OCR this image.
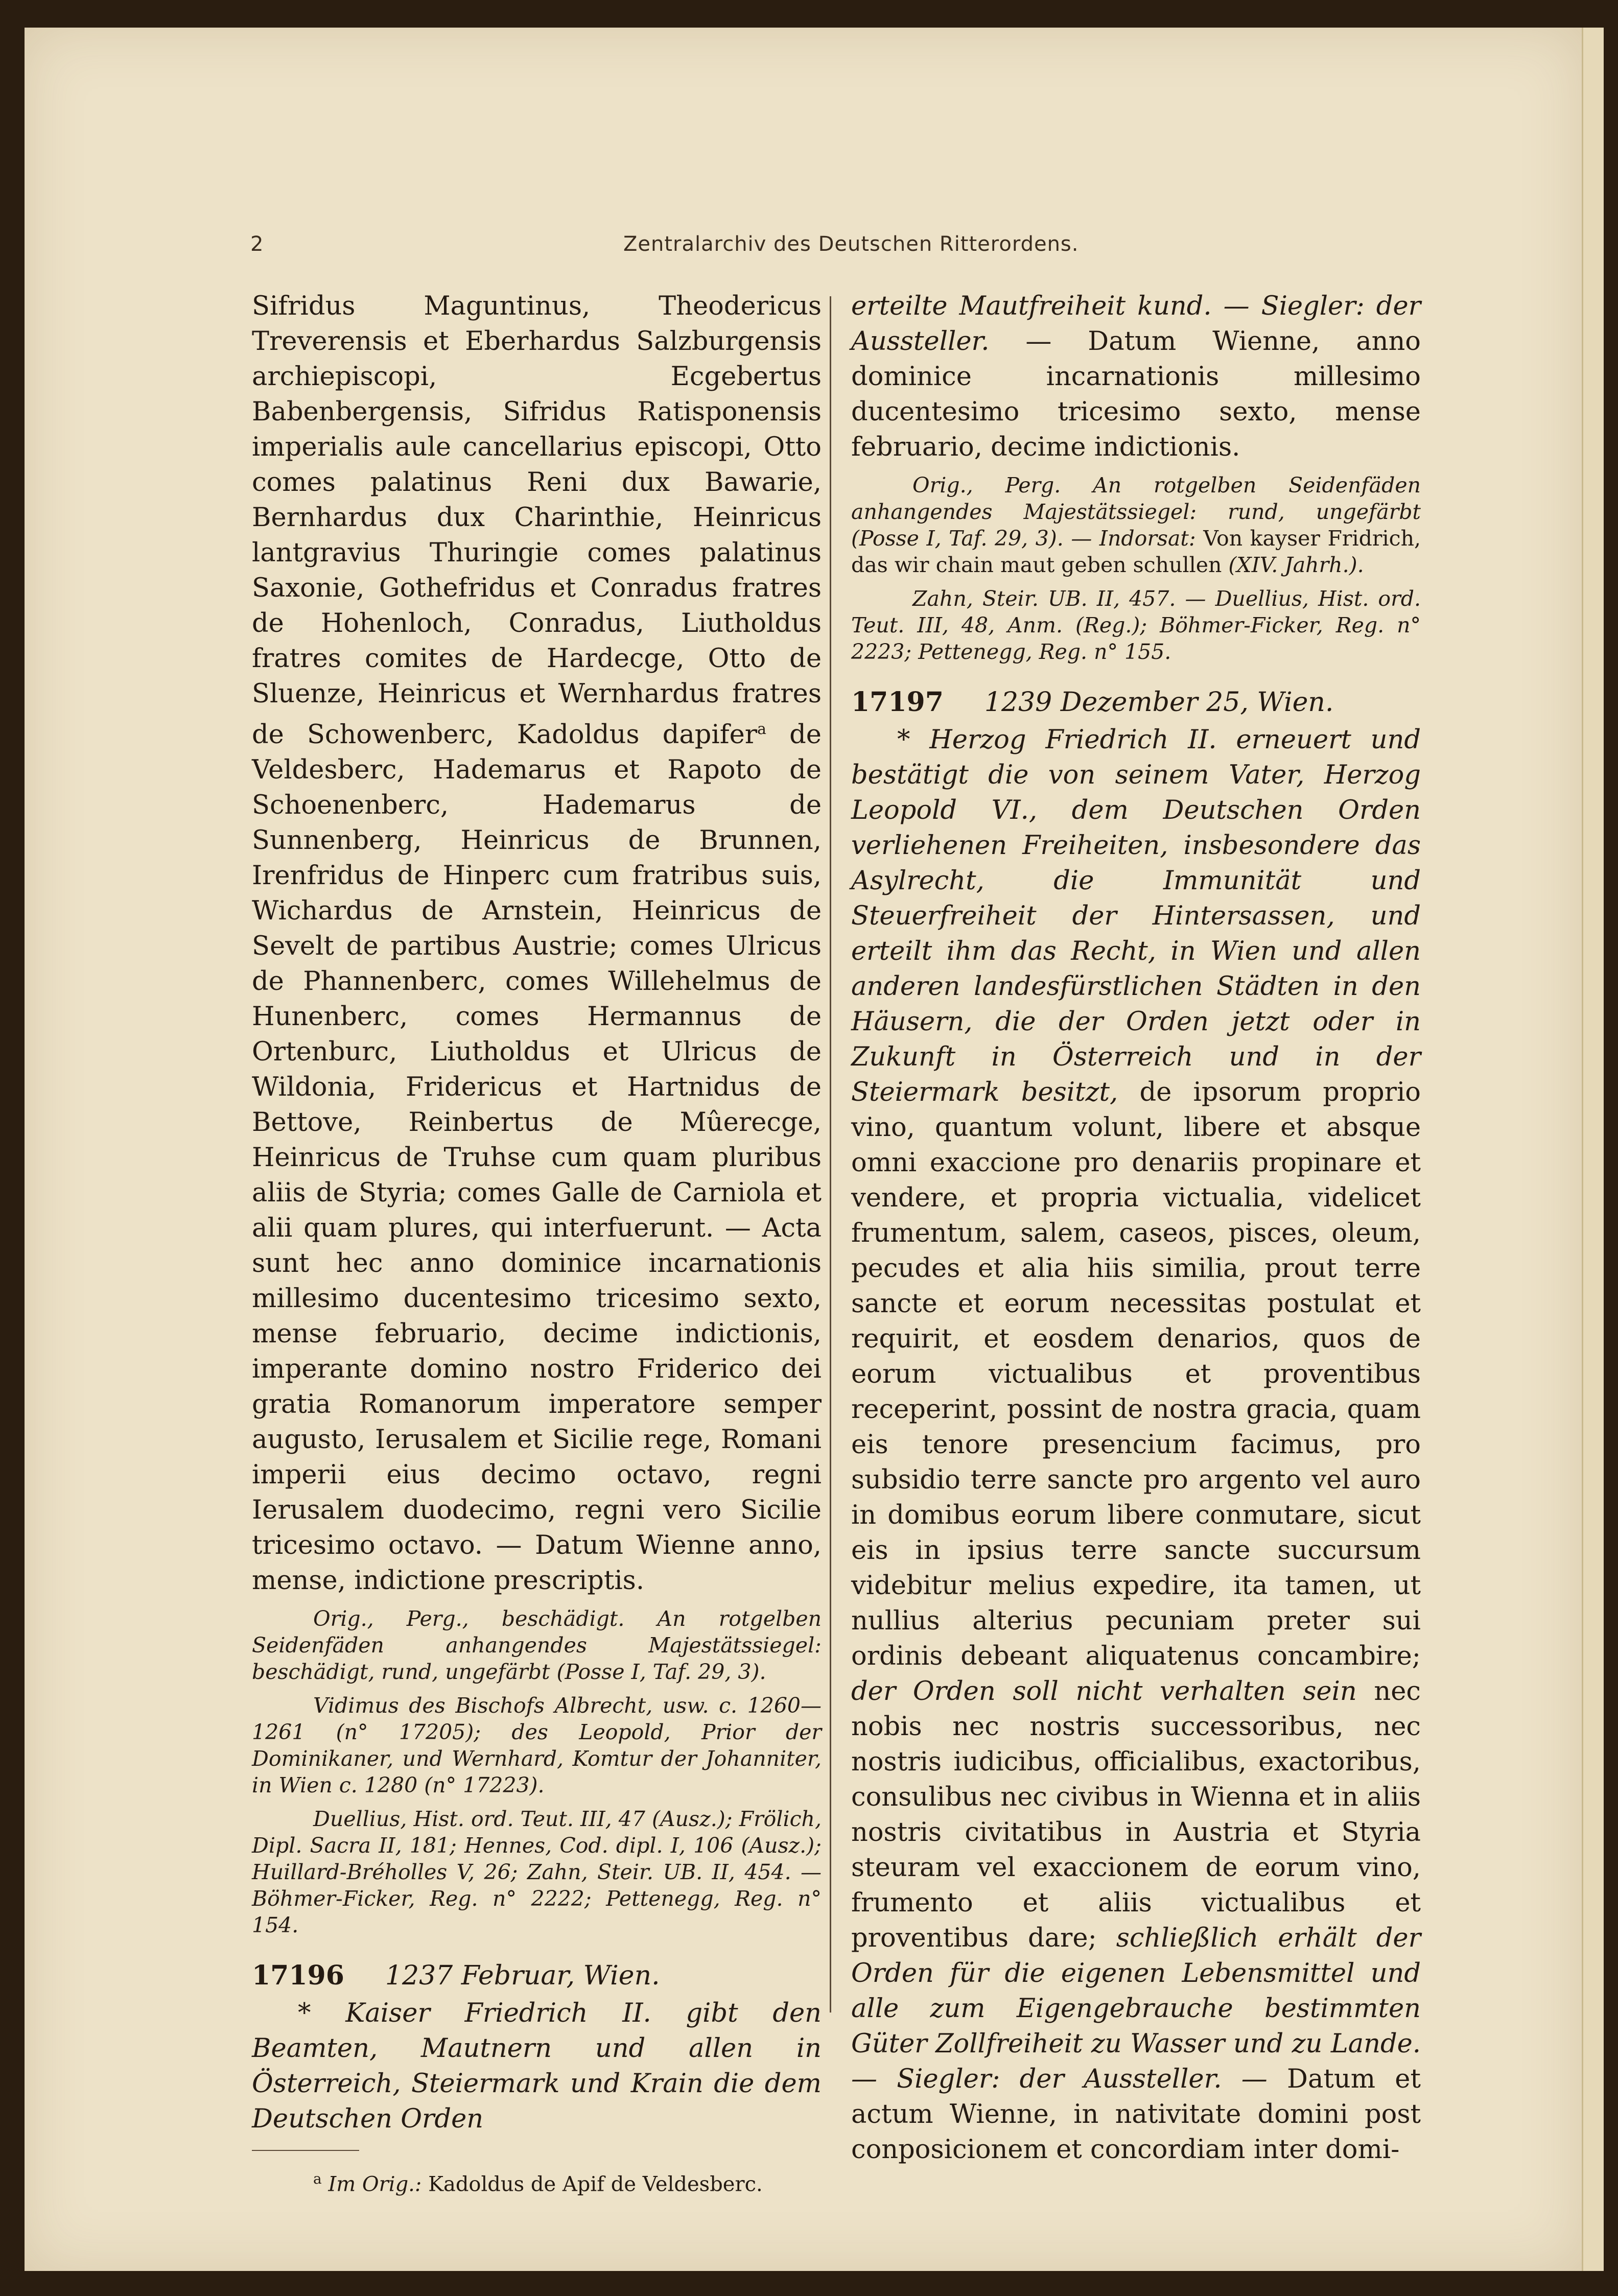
2	Zentralarchiv des Deutschen Ritterordens.

Sifridus Maguntinus, Theodericus Treverensis et Eberhardus Salzburgensis archiepiscopi, Ecgebertus Babenbergensis, Sifridus Ratisponensis imperialis aule cancellarius episcopi, Otto comes palatinus Reni dux Bawarie, Bernhardus dux Charinthie, Heinricus lantgravius Thuringie comes palatinus Saxonie, Gothefridus et Conradus fratres de Hohenloch, Conradus, Liutholdus fratres comites de Hardecge, Otto de Sluenze, Heinricus et Wernhardus fratres de Schowenberc, Kadoldus dapifer$^a$ de Veldesberc, Hademarus et Rapoto de Schoenenberc, Hademarus de Sunnenberg, Heinricus de Brunnen, Irenfridus de Hinperc cum fratribus suis, Wichardus de Arnstein, Heinricus de Sevelt de partibus Austrie; comes Ulricus de Phannenberc, comes Willehelmus de Hunenberc, comes Hermannus de Ortenburc, Liutholdus et Ulricus de Wildonia, Fridericus et Hartnidus de Bettove, Reinbertus de Mûerecge, Heinricus de Truhse cum quam pluribus aliis de Styria; comes Galle de Carniola et alii quam plures, qui interfuerunt. — Acta sunt hec anno dominice incarnationis millesimo ducentesimo tricesimo sexto, mense februario, decime indictionis, imperante domino nostro Friderico dei gratia Romanorum imperatore semper augusto, Ierusalem et Sicilie rege, Romani imperii eius decimo octavo, regni Ierusalem duodecimo, regni vero Sicilie tricesimo octavo. — Datum Wienne anno, mense, indictione prescriptis.

Orig., Perg., beschädigt. An rotgelben Seidenfäden anhangendes Majestätssiegel: beschädigt, rund, ungefärbt (Posse I, Taf. 29, 3).

Vidimus des Bischofs Albrecht, usw. c. 1260—1261 (n° 17205); des Leopold, Prior der Dominikaner, und Wernhard, Komtur der Johanniter, in Wien c. 1280 (n° 17223).

Duellius, Hist. ord. Teut. III, 47 (Ausz.); Frölich, Dipl. Sacra II, 181; Hennes, Cod. dipl. I, 106 (Ausz.); Huillard-Bréholles V, 26; Zahn, Steir. UB. II, 454. — Böhmer-Ficker, Reg. n° 2222; Pettenegg, Reg. n° 154.

17196 1237 Februar, Wien.

* Kaiser Friedrich II. gibt den Beamten, Mautnern und allen in Österreich, Steiermark und Krain die dem Deutschen Orden

$^a$ Im Orig.: Kadoldus de Apif de Veldesberc.

erteilte Mautfreiheit kund. — Siegler: der Aussteller. — Datum Wienne, anno dominice incarnationis millesimo ducentesimo tricesimo sexto, mense februario, decime indictionis.

Orig., Perg. An rotgelben Seidenfäden anhangendes Majestätssiegel: rund, ungefärbt (Posse I, Taf. 29, 3). — Indorsat: Von kayser Fridrich, das wir chain maut geben schullen (XIV. Jahrh.).

Zahn, Steir. UB. II, 457. — Duellius, Hist. ord. Teut. III, 48, Anm. (Reg.); Böhmer-Ficker, Reg. n° 2223; Pettenegg, Reg. n° 155.

17197 1239 Dezember 25, Wien.

* Herzog Friedrich II. erneuert und bestätigt die von seinem Vater, Herzog Leopold VI., dem Deutschen Orden verliehenen Freiheiten, insbesondere das Asylrecht, die Immunität und Steuerfreiheit der Hintersassen, und erteilt ihm das Recht, in Wien und allen anderen landesfürstlichen Städten in den Häusern, die der Orden jetzt oder in Zukunft in Österreich und in der Steiermark besitzt, de ipsorum proprio vino, quantum volunt, libere et absque omni exaccione pro denariis propinare et vendere, et propria victualia, videlicet frumentum, salem, caseos, pisces, oleum, pecudes et alia hiis similia, prout terre sancte et eorum necessitas postulat et requirit, et eosdem denarios, quos de eorum victualibus et proventibus receperint, possint de nostra gracia, quam eis tenore presencium facimus, pro subsidio terre sancte pro argento vel auro in domibus eorum libere conmutare, sicut eis in ipsius terre sancte succursum videbitur melius expedire, ita tamen, ut nullius alterius pecuniam preter sui ordinis debeant aliquatenus concambire; der Orden soll nicht verhalten sein nec nobis nec nostris successoribus, nec nostris iudicibus, officialibus, exactoribus, consulibus nec civibus in Wienna et in aliis nostris civitatibus in Austria et Styria steuram vel exaccionem de eorum vino, frumento et aliis victualibus et proventibus dare; schließlich erhält der Orden für die eigenen Lebensmittel und alle zum Eigengebrauche bestimmten Güter Zollfreiheit zu Wasser und zu Lande. — Siegler: der Aussteller. — Datum et actum Wienne, in nativitate domini post conposicionem et concordiam inter domi-
